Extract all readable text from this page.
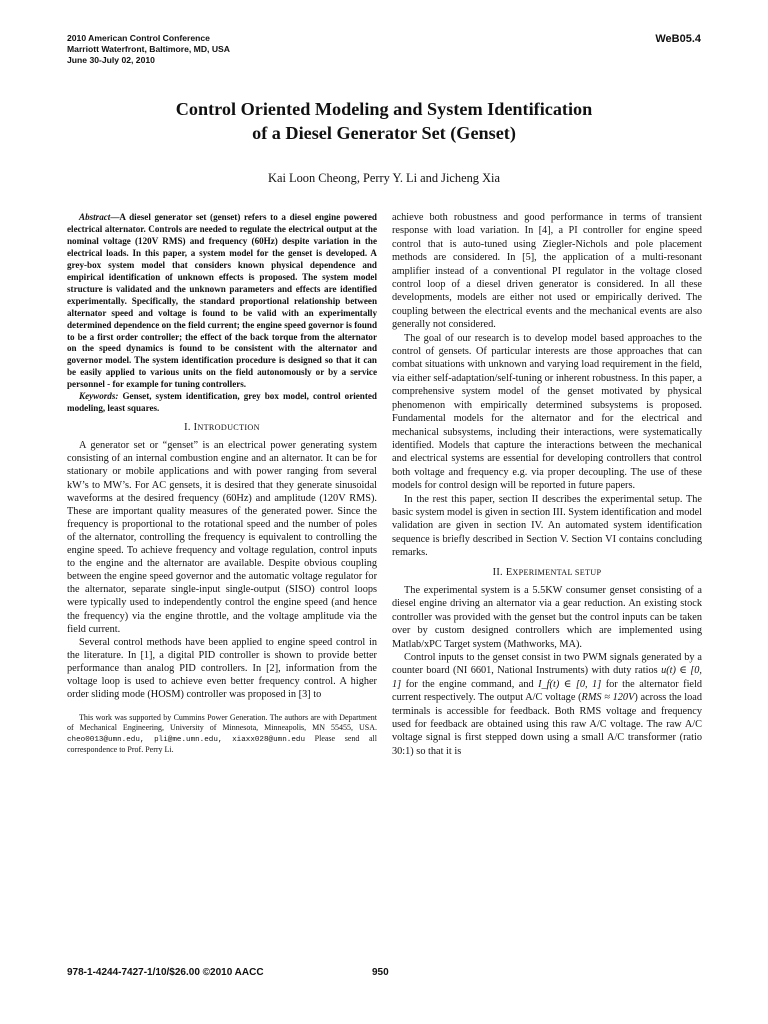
2010 American Control Conference
Marriott Waterfront, Baltimore, MD, USA
June 30-July 02, 2010
WeB05.4
Control Oriented Modeling and System Identification
of a Diesel Generator Set (Genset)
Kai Loon Cheong, Perry Y. Li and Jicheng Xia

Abstract—A diesel generator set (genset) refers to a diesel engine powered electrical alternator. Controls are needed to regulate the electrical output at the nominal voltage (120V RMS) and frequency (60Hz) despite variation in the electrical loads. In this paper, a system model for the genset is developed. A grey-box system model that considers known physical dependence and empirical identification of unknown effects is proposed. The system model structure is validated and the unknown parameters and effects are identified experimentally. Specifically, the standard proportional relationship between alternator speed and voltage is found to be valid with an experimentally determined dependence on the field current; the engine speed governor is found to be a first order controller; the effect of the back torque from the alternator on the speed dynamics is found to be consistent with the alternator and governor model. The system identification procedure is designed so that it can be easily applied to various units on the field autonomously or by a service personnel - for example for tuning controllers.

Keywords: Genset, system identification, grey box model, control oriented modeling, least squares.

I. INTRODUCTION

A generator set or “genset” is an electrical power generating system consisting of an internal combustion engine and an alternator. It can be for stationary or mobile applications and with power ranging from several kW’s to MW’s. For AC gensets, it is desired that they generate sinusoidal waveforms at the desired frequency (60Hz) and amplitude (120V RMS). These are important quality measures of the generated power. Since the frequency is proportional to the rotational speed and the number of poles of the alternator, controlling the frequency is equivalent to controlling the engine speed. To achieve frequency and voltage regulation, control inputs to the engine and the alternator are available. Despite obvious coupling between the engine speed governor and the automatic voltage regulator for the alternator, separate single-input single-output (SISO) control loops were typically used to independently control the engine speed (and hence the frequency) via the engine throttle, and the voltage amplitude via the field current.

Several control methods have been applied to engine speed control in the literature. In [1], a digital PID controller is shown to provide better performance than analog PID controllers. In [2], information from the voltage loop is used to achieve even better frequency control. A higher order sliding mode (HOSM) controller was proposed in [3] to

This work was supported by Cummins Power Generation. The authors are with Department of Mechanical Engineering, University of Minnesota, Minneapolis, MN 55455, USA. cheo0013@umn.edu, pli@me.umn.edu, xiaxx028@umn.edu Please send all correspondence to Prof. Perry Li.

achieve both robustness and good performance in terms of transient response with load variation. In [4], a PI controller for engine speed control that is auto-tuned using Ziegler-Nichols and pole placement methods are considered. In [5], the application of a multi-resonant amplifier instead of a conventional PI regulator in the voltage closed control loop of a diesel driven generator is considered. In all these developments, models are either not used or empirically derived. The coupling between the electrical events and the mechanical events are also generally not considered.

The goal of our research is to develop model based approaches to the control of gensets. Of particular interests are those approaches that can combat situations with unknown and varying load requirement in the field, via either self-adaptation/self-tuning or inherent robustness. In this paper, a comprehensive system model of the genset motivated by physical phenomenon with empirically determined subsystems is proposed. Fundamental models for the alternator and for the electrical and mechanical subsystems, including their interactions, were systematically identified. Models that capture the interactions between the mechanical and electrical systems are essential for developing controllers that control both voltage and frequency e.g. via proper decoupling. The use of these models for control design will be reported in future papers.

In the rest this paper, section II describes the experimental setup. The basic system model is given in section III. System identification and model validation are given in section IV. An automated system identification sequence is briefly described in Section V. Section VI contains concluding remarks.

II. EXPERIMENTAL SETUP

The experimental system is a 5.5KW consumer genset consisting of a diesel engine driving an alternator via a gear reduction. An existing stock controller was provided with the genset but the control inputs can be taken over by custom designed controllers which are implemented using Matlab/xPC Target system (Mathworks, MA).

Control inputs to the genset consist in two PWM signals generated by a counter board (NI 6601, National Instruments) with duty ratios u(t) ∈ [0, 1] for the engine command, and I_f(t) ∈ [0, 1] for the alternator field current respectively. The output A/C voltage (RMS ≈ 120V) across the load terminals is accessible for feedback. Both RMS voltage and frequency used for feedback are obtained using this raw A/C voltage. The raw A/C voltage signal is first stepped down using a small A/C transformer (ratio 30:1) so that it is

978-1-4244-7427-1/10/$26.00 ©2010 AACC	950
